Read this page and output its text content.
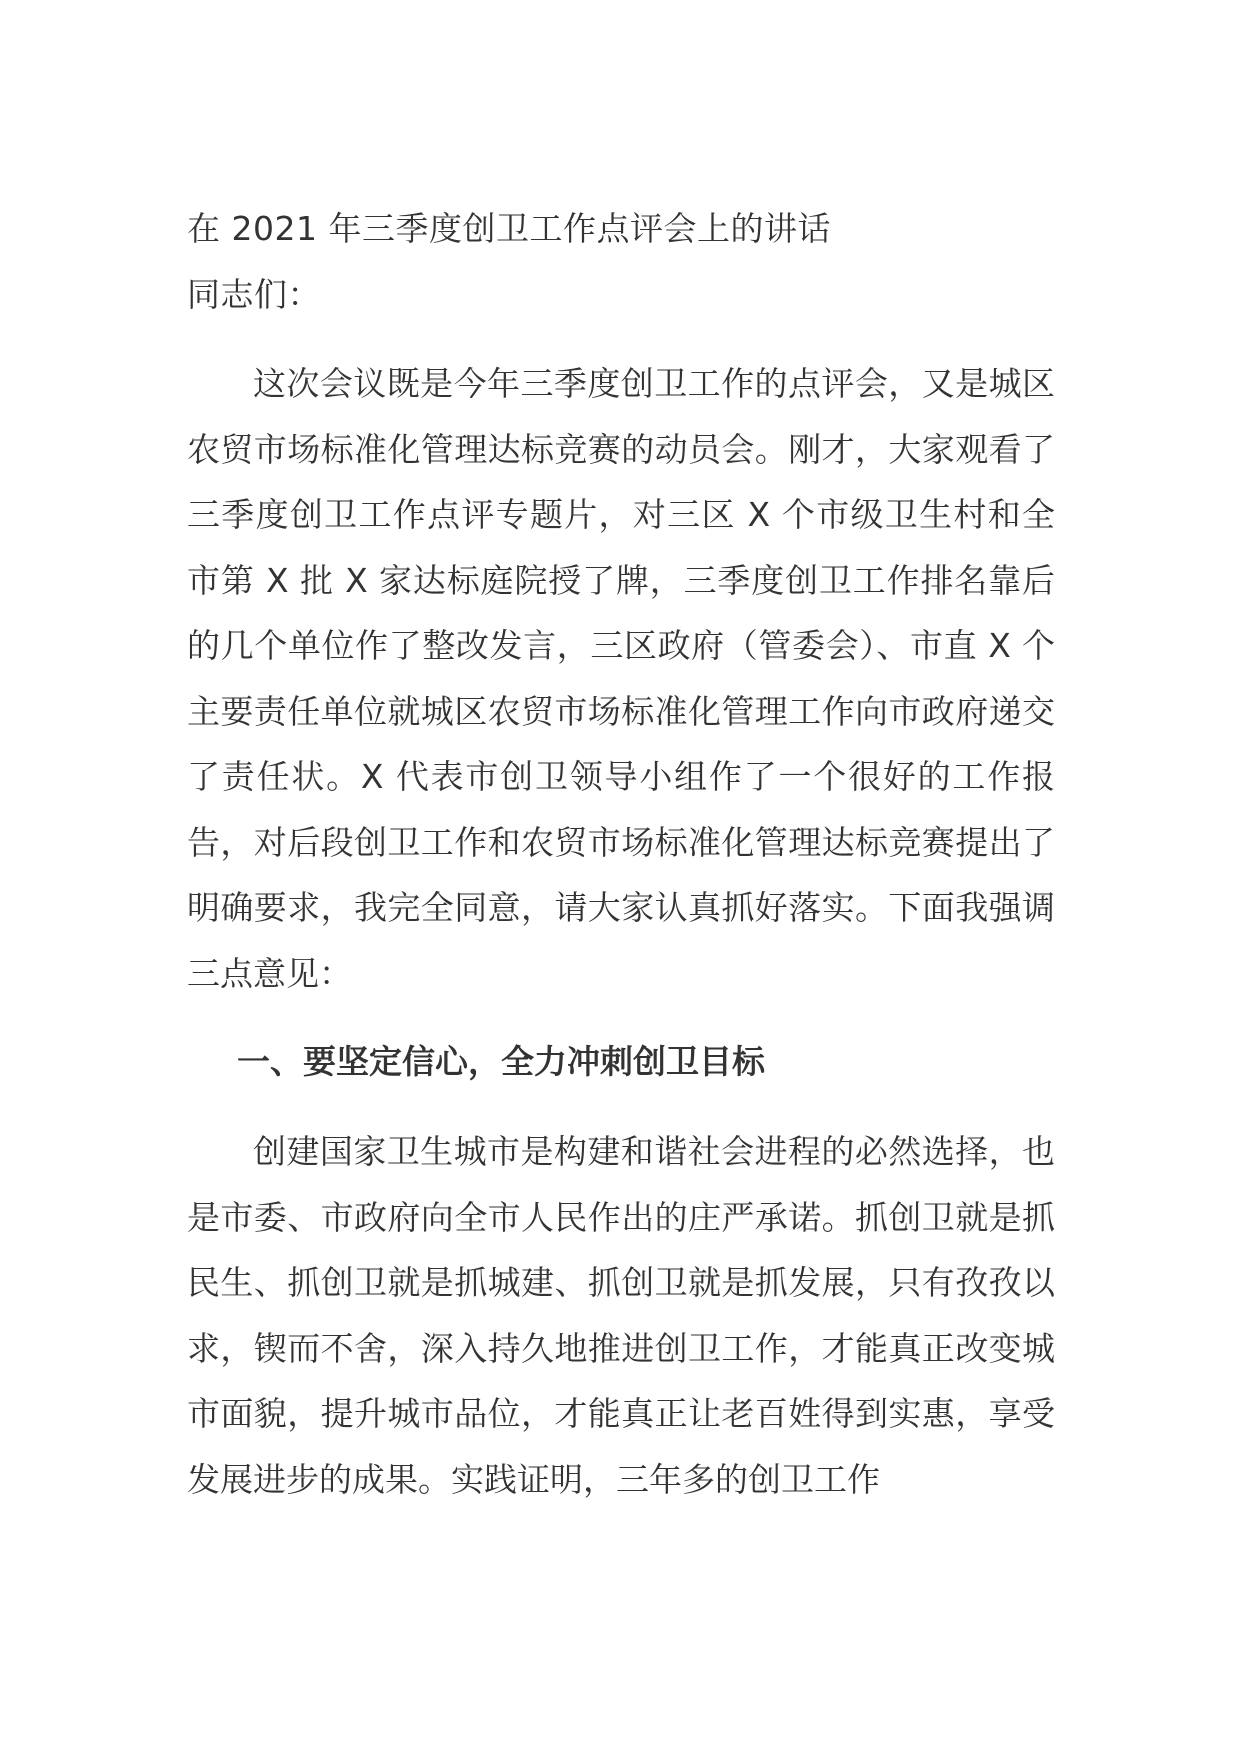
在 2021 年三季度创卫工作点评会上的讲话

同志们：

这次会议既是今年三季度创卫工作的点评会，又是城区农贸市场标准化管理达标竞赛的动员会。刚才，大家观看了三季度创卫工作点评专题片，对三区 X 个市级卫生村和全市第 X 批 X 家达标庭院授了牌，三季度创卫工作排名靠后的几个单位作了整改发言，三区政府（管委会）、市直 X 个主要责任单位就城区农贸市场标准化管理工作向市政府递交了责任状。X 代表市创卫领导小组作了一个很好的工作报告，对后段创卫工作和农贸市场标准化管理达标竞赛提出了明确要求，我完全同意，请大家认真抓好落实。下面我强调三点意见：

一、要坚定信心，全力冲刺创卫目标

创建国家卫生城市是构建和谐社会进程的必然选择，也是市委、市政府向全市人民作出的庄严承诺。抓创卫就是抓民生、抓创卫就是抓城建、抓创卫就是抓发展，只有孜孜以求，锲而不舍，深入持久地推进创卫工作，才能真正改变城市面貌，提升城市品位，才能真正让老百姓得到实惠，享受发展进步的成果。实践证明，三年多的创卫工作
